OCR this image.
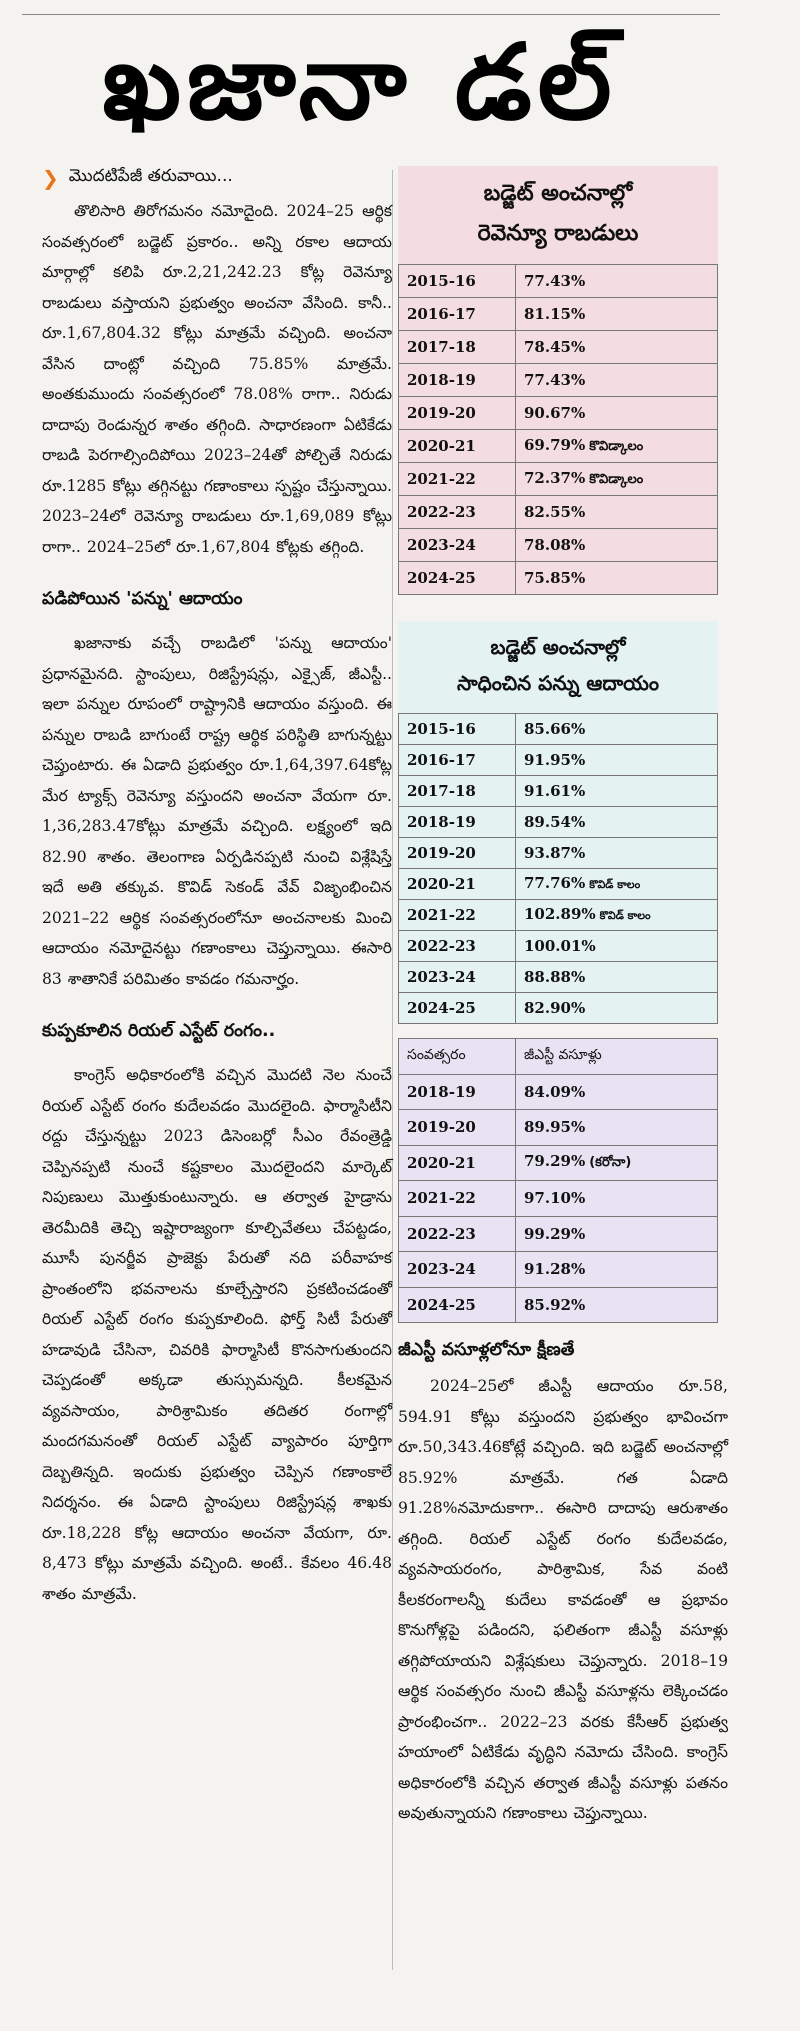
ఖజానా డల్
❯ మొదటిపేజీ తరువాయి...

తొలిసారి తిరోగమనం నమోదైంది. 2024–25 ఆర్థిక సంవత్సరంలో బడ్జెట్ ప్రకారం.. అన్ని రకాల ఆదాయ మార్గాల్లో కలిపి రూ.2,21,242.23 కోట్ల రెవెన్యూ రాబడులు వస్తాయని ప్రభుత్వం అంచనా వేసింది. కానీ.. రూ.1,67,804.32 కోట్లు మాత్రమే వచ్చింది. అంచనా వేసిన దాంట్లో వచ్చింది 75.85% మాత్రమే. అంతకుముందు సంవత్సరంలో 78.08% రాగా.. నిరుడు దాదాపు రెండున్నర శాతం తగ్గింది. సాధారణంగా ఏటికేడు రాబడి పెరగాల్సిందిపోయి 2023–24తో పోల్చితే నిరుడు రూ.1285 కోట్లు తగ్గినట్టు గణాంకాలు స్పష్టం చేస్తున్నాయి. 2023–24లో రెవెన్యూ రాబడులు రూ.1,69,089 కోట్లు రాగా.. 2024–25లో రూ.1,67,804 కోట్లకు తగ్గింది.

పడిపోయిన 'పన్ను' ఆదాయం

ఖజానాకు వచ్చే రాబడిలో 'పన్ను ఆదాయం' ప్రధానమైనది. స్టాంపులు, రిజిస్ట్రేషన్లు, ఎక్సైజ్, జీఎస్టీ.. ఇలా పన్నుల రూపంలో రాష్ట్రానికి ఆదాయం వస్తుంది. ఈ పన్నుల రాబడి బాగుంటే రాష్ట్ర ఆర్థిక పరిస్థితి బాగున్నట్టు చెప్తుంటారు. ఈ ఏడాది ప్రభుత్వం రూ.1,64,397.64కోట్ల మేర ట్యాక్స్ రెవెన్యూ వస్తుందని అంచనా వేయగా రూ. 1,36,283.47కోట్లు మాత్రమే వచ్చింది. లక్ష్యంలో ఇది 82.90 శాతం. తెలంగాణ ఏర్పడినప్పటి నుంచి విశ్లేషిస్తే ఇదే అతి తక్కువ. కొవిడ్ సెకండ్ వేవ్ విజృంభించిన 2021–22 ఆర్థిక సంవత్సరంలోనూ అంచనాలకు మించి ఆదాయం నమోదైనట్టు గణాంకాలు చెప్తున్నాయి. ఈసారి 83 శాతానికే పరిమితం కావడం గమనార్హం.

కుప్పకూలిన రియల్ ఎస్టేట్ రంగం..

కాంగ్రెస్ అధికారంలోకి వచ్చిన మొదటి నెల నుంచే రియల్ ఎస్టేట్ రంగం కుదేలవడం మొదలైంది. ఫార్మాసిటీని రద్దు చేస్తున్నట్టు 2023 డిసెంబర్లో సీఎం రేవంత్రెడ్డి చెప్పినప్పటి నుంచే కష్టకాలం మొదలైందని మార్కెట్ నిపుణులు మొత్తుకుంటున్నారు. ఆ తర్వాత హైడ్రాను తెరమీదికి తెచ్చి ఇష్టారాజ్యంగా కూల్చివేతలు చేపట్టడం, మూసీ పునర్జీవ ప్రాజెక్టు పేరుతో నది పరీవాహక ప్రాంతంలోని భవనాలను కూల్చేస్తారని ప్రకటించడంతో రియల్ ఎస్టేట్ రంగం కుప్పకూలింది. ఫోర్త్ సిటీ పేరుతో హడావుడి చేసినా, చివరికి ఫార్మాసిటీ కొనసాగుతుందని చెప్పడంతో అక్కడా తుస్సుమన్నది. కీలకమైన వ్యవసాయం, పారిశ్రామికం తదితర రంగాల్లో మందగమనంతో రియల్ ఎస్టేట్ వ్యాపారం పూర్తిగా దెబ్బతిన్నది. ఇందుకు ప్రభుత్వం చెప్పిన గణాంకాలే నిదర్శనం. ఈ ఏడాది స్టాంపులు రిజిస్ట్రేషన్ల శాఖకు రూ.18,228 కోట్ల ఆదాయం అంచనా వేయగా, రూ. 8,473 కోట్లు మాత్రమే వచ్చింది. అంటే.. కేవలం 46.48 శాతం మాత్రమే.

బడ్జెట్ అంచనాల్లో
రెవెన్యూ రాబడులు
2015-16	77.43%
2016-17	81.15%
2017-18	78.45%
2018-19	77.43%
2019-20	90.67%
2020-21	69.79% కొవిడ్కాలం
2021-22	72.37% కొవిడ్కాలం
2022-23	82.55%
2023-24	78.08%
2024-25	75.85%
బడ్జెట్ అంచనాల్లో
సాధించిన పన్ను ఆదాయం
2015-16	85.66%
2016-17	91.95%
2017-18	91.61%
2018-19	89.54%
2019-20	93.87%
2020-21	77.76% కొవిడ్ కాలం
2021-22	102.89% కొవిడ్ కాలం
2022-23	100.01%
2023-24	88.88%
2024-25	82.90%
సంవత్సరం	జీఎస్టీ వసూళ్లు
2018-19	84.09%
2019-20	89.95%
2020-21	79.29% (కరోనా)
2021-22	97.10%
2022-23	99.29%
2023-24	91.28%
2024-25	85.92%
జీఎస్టీ వసూళ్లలోనూ క్షీణతే

2024–25లో జీఎస్టీ ఆదాయం రూ.58, 594.91 కోట్లు వస్తుందని ప్రభుత్వం భావించగా రూ.50,343.46కోట్లే వచ్చింది. ఇది బడ్జెట్ అంచనాల్లో 85.92% మాత్రమే. గత ఏడాది 91.28%నమోదుకాగా.. ఈసారి దాదాపు ఆరుశాతం తగ్గింది. రియల్ ఎస్టేట్ రంగం కుదేలవడం, వ్యవసాయరంగం, పారిశ్రామిక, సేవ వంటి కీలకరంగాలన్నీ కుదేలు కావడంతో ఆ ప్రభావం కొనుగోళ్లపై పడిందని, ఫలితంగా జీఎస్టీ వసూళ్లు తగ్గిపోయాయని విశ్లేషకులు చెప్తున్నారు. 2018–19 ఆర్థిక సంవత్సరం నుంచి జీఎస్టీ వసూళ్లను లెక్కించడం ప్రారంభించగా.. 2022–23 వరకు కేసీఆర్ ప్రభుత్వ హయాంలో ఏటికేడు వృద్ధిని నమోదు చేసింది. కాంగ్రెస్ అధికారంలోకి వచ్చిన తర్వాత జీఎస్టీ వసూళ్లు పతనం అవుతున్నాయని గణాంకాలు చెప్తున్నాయి.
